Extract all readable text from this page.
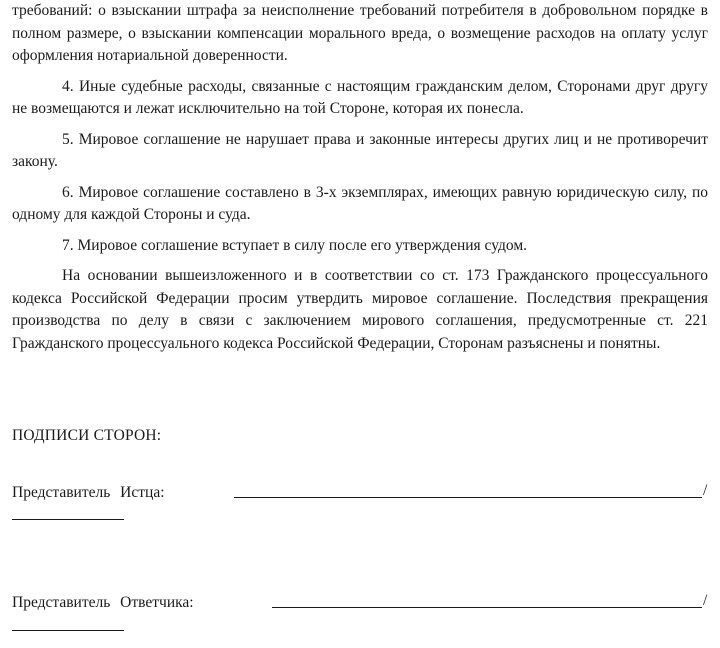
требований: о взыскании штрафа за неисполнение требований потребителя в добровольном порядке в полном размере, о взыскании компенсации морального вреда, о возмещение расходов на оплату услуг оформления нотариальной доверенности.

4. Иные судебные расходы, связанные с настоящим гражданским делом, Сторонами друг другу не возмещаются и лежат исключительно на той Стороне, которая их понесла.

5. Мировое соглашение не нарушает права и законные интересы других лиц и не противоречит закону.

6. Мировое соглашение составлено в 3-х экземплярах, имеющих равную юридическую силу, по одному для каждой Стороны и суда.

7. Мировое соглашение вступает в силу после его утверждения судом.

На основании вышеизложенного и в соответствии со ст. 173 Гражданского процессуального кодекса Российской Федерации просим утвердить мировое соглашение. Последствия прекращения производства по делу в связи с заключением мирового соглашения, предусмотренные ст. 221 Гражданского процессуального кодекса Российской Федерации, Сторонам разъяснены и понятны.

ПОДПИСИ СТОРОН:
Представитель Истца:	/
Представитель Ответчика:	/
